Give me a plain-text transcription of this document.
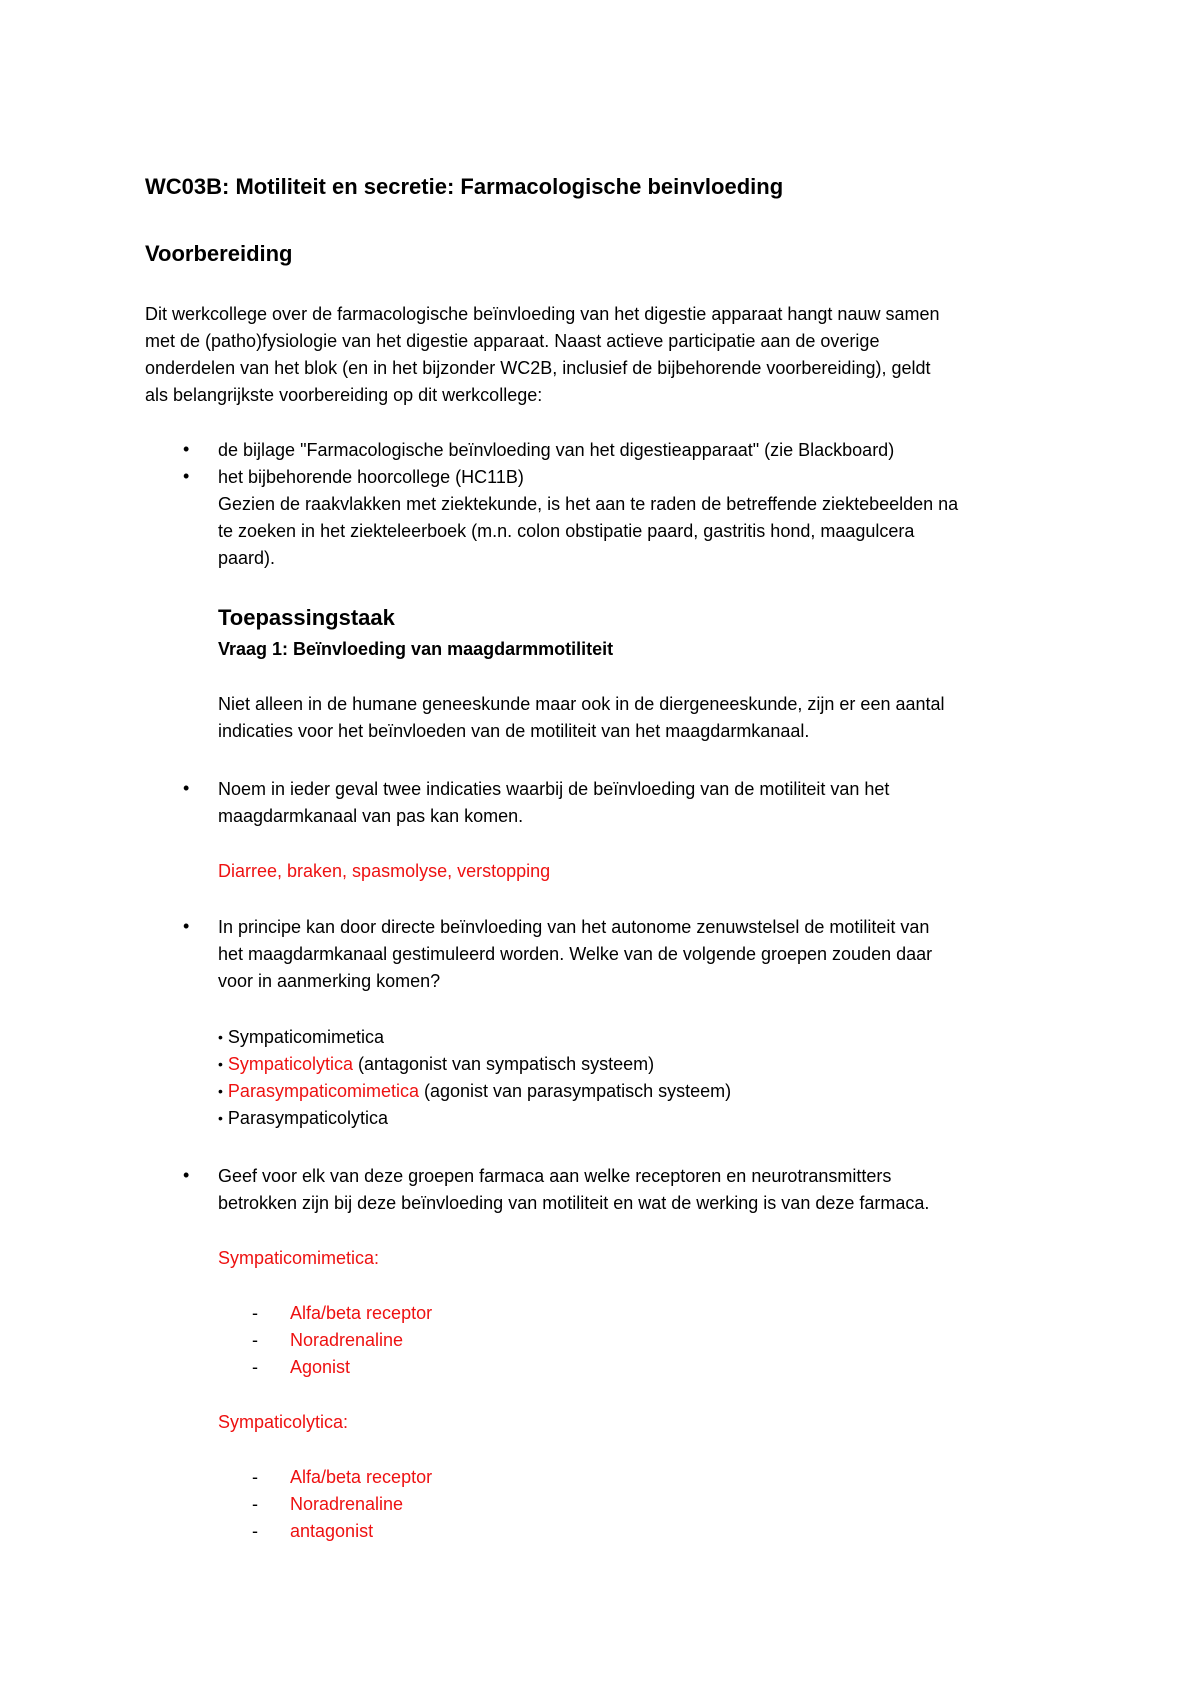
WC03B: Motiliteit en secretie: Farmacologische beinvloeding
Voorbereiding
Dit werkcollege over de farmacologische beïnvloeding van het digestie apparaat hangt nauw samen
met de (patho)fysiologie van het digestie apparaat. Naast actieve participatie aan de overige
onderdelen van het blok (en in het bijzonder WC2B, inclusief de bijbehorende voorbereiding), geldt
als belangrijkste voorbereiding op dit werkcollege:
• de bijlage "Farmacologische beïnvloeding van het digestieapparaat" (zie Blackboard)
• het bijbehorende hoorcollege (HC11B)
Gezien de raakvlakken met ziektekunde, is het aan te raden de betreffende ziektebeelden na
te zoeken in het ziekteleerboek (m.n. colon obstipatie paard, gastritis hond, maagulcera
paard).
Toepassingstaak
Vraag 1: Beïnvloeding van maagdarmmotiliteit
Niet alleen in de humane geneeskunde maar ook in de diergeneeskunde, zijn er een aantal
indicaties voor het beïnvloeden van de motiliteit van het maagdarmkanaal.
• Noem in ieder geval twee indicaties waarbij de beïnvloeding van de motiliteit van het
maagdarmkanaal van pas kan komen.
Diarree, braken, spasmolyse, verstopping
• In principe kan door directe beïnvloeding van het autonome zenuwstelsel de motiliteit van
het maagdarmkanaal gestimuleerd worden. Welke van de volgende groepen zouden daar
voor in aanmerking komen?
• Sympaticomimetica
• Sympaticolytica (antagonist van sympatisch systeem)
• Parasympaticomimetica (agonist van parasympatisch systeem)
• Parasympaticolytica
• Geef voor elk van deze groepen farmaca aan welke receptoren en neurotransmitters
betrokken zijn bij deze beïnvloeding van motiliteit en wat de werking is van deze farmaca.
Sympaticomimetica:
- Alfa/beta receptor
- Noradrenaline
- Agonist
Sympaticolytica:
- Alfa/beta receptor
- Noradrenaline
- antagonist
